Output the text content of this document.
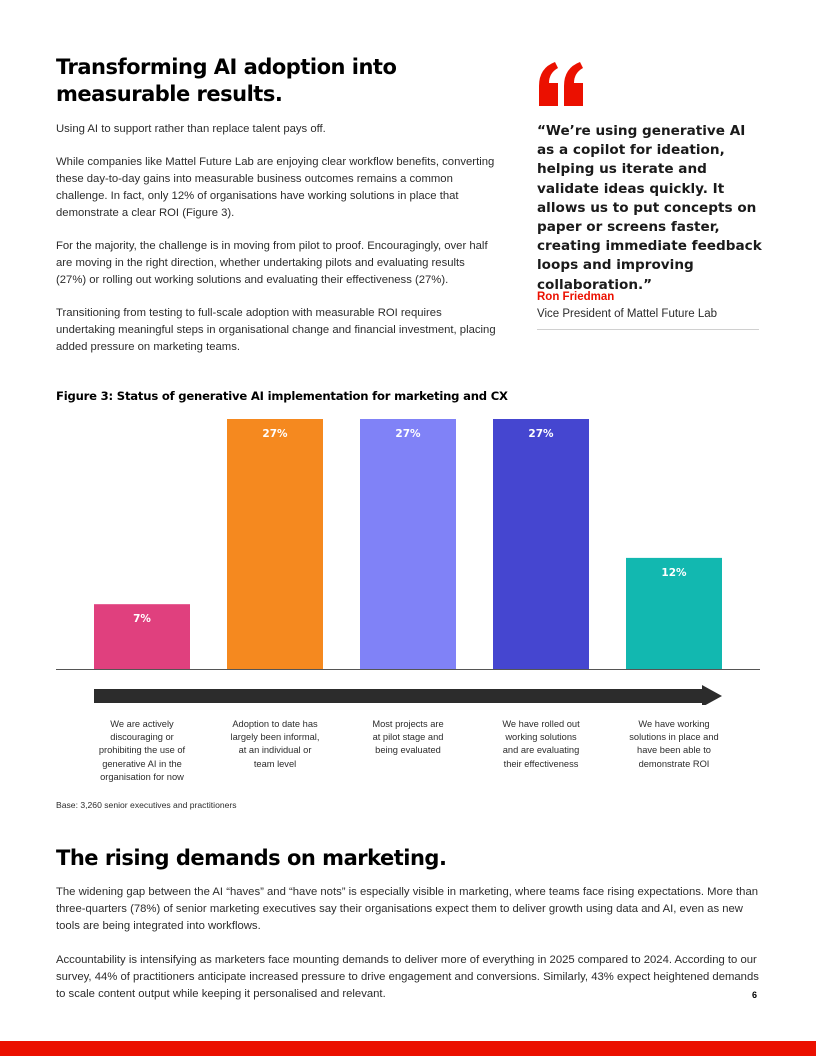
Transforming AI adoption into measurable results.

Using AI to support rather than replace talent pays off.

While companies like Mattel Future Lab are enjoying clear workflow benefits, converting these day-to-day gains into measurable business outcomes remains a common challenge. In fact, only 12% of organisations have working solutions in place that demonstrate a clear ROI (Figure 3).

For the majority, the challenge is in moving from pilot to proof. Encouragingly, over half are moving in the right direction, whether undertaking pilots and evaluating results (27%) or rolling out working solutions and evaluating their effectiveness (27%).

Transitioning from testing to full-scale adoption with measurable ROI requires undertaking meaningful steps in organisational change and financial investment, placing added pressure on marketing teams.

“We’re using generative AI as a copilot for ideation, helping us iterate and validate ideas quickly. It allows us to put concepts on paper or screens faster, creating immediate feedback loops and improving collaboration.”

Ron Friedman
Vice President of Mattel Future Lab
Figure 3: Status of generative AI implementation for marketing and CX
7%
27%	27%	27%
12%
We are actively
discouraging or
prohibiting the use of
generative AI in the
organisation for now
Adoption to date has
largely been informal,
at an individual or
team level
Most projects are
at pilot stage and
being evaluated
We have rolled out
working solutions
and are evaluating
their effectiveness
We have working
solutions in place and
have been able to
demonstrate ROI
Base: 3,260 senior executives and practitioners
The rising demands on marketing.

The widening gap between the AI “haves” and “have nots” is especially visible in marketing, where teams face rising expectations. More than three-quarters (78%) of senior marketing executives say their organisations expect them to deliver growth using data and AI, even as new tools are being integrated into workflows.

Accountability is intensifying as marketers face mounting demands to deliver more of everything in 2025 compared to 2024. According to our survey, 44% of practitioners anticipate increased pressure to drive engagement and conversions. Similarly, 43% expect heightened demands to scale content output while keeping it personalised and relevant.	6
